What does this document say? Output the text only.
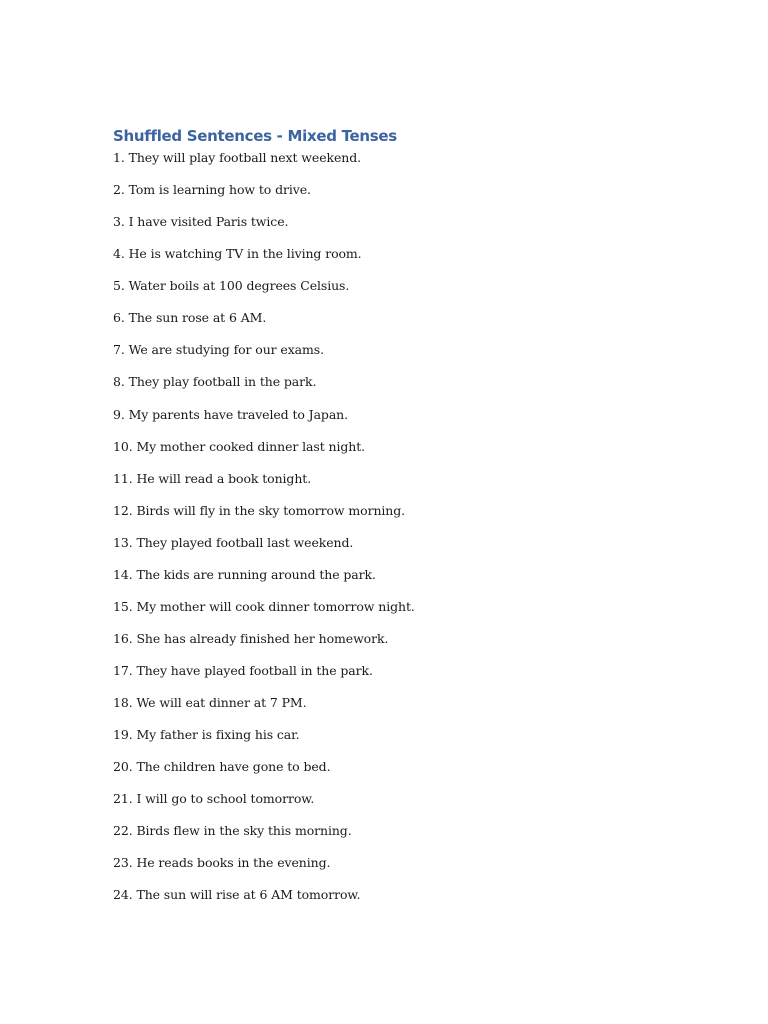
Shuffled Sentences - Mixed Tenses
1. They will play football next weekend.
2. Tom is learning how to drive.
3. I have visited Paris twice.
4. He is watching TV in the living room.
5. Water boils at 100 degrees Celsius.
6. The sun rose at 6 AM.
7. We are studying for our exams.
8. They play football in the park.
9. My parents have traveled to Japan.
10. My mother cooked dinner last night.
11. He will read a book tonight.
12. Birds will fly in the sky tomorrow morning.
13. They played football last weekend.
14. The kids are running around the park.
15. My mother will cook dinner tomorrow night.
16. She has already finished her homework.
17. They have played football in the park.
18. We will eat dinner at 7 PM.
19. My father is fixing his car.
20. The children have gone to bed.
21. I will go to school tomorrow.
22. Birds flew in the sky this morning.
23. He reads books in the evening.
24. The sun will rise at 6 AM tomorrow.
